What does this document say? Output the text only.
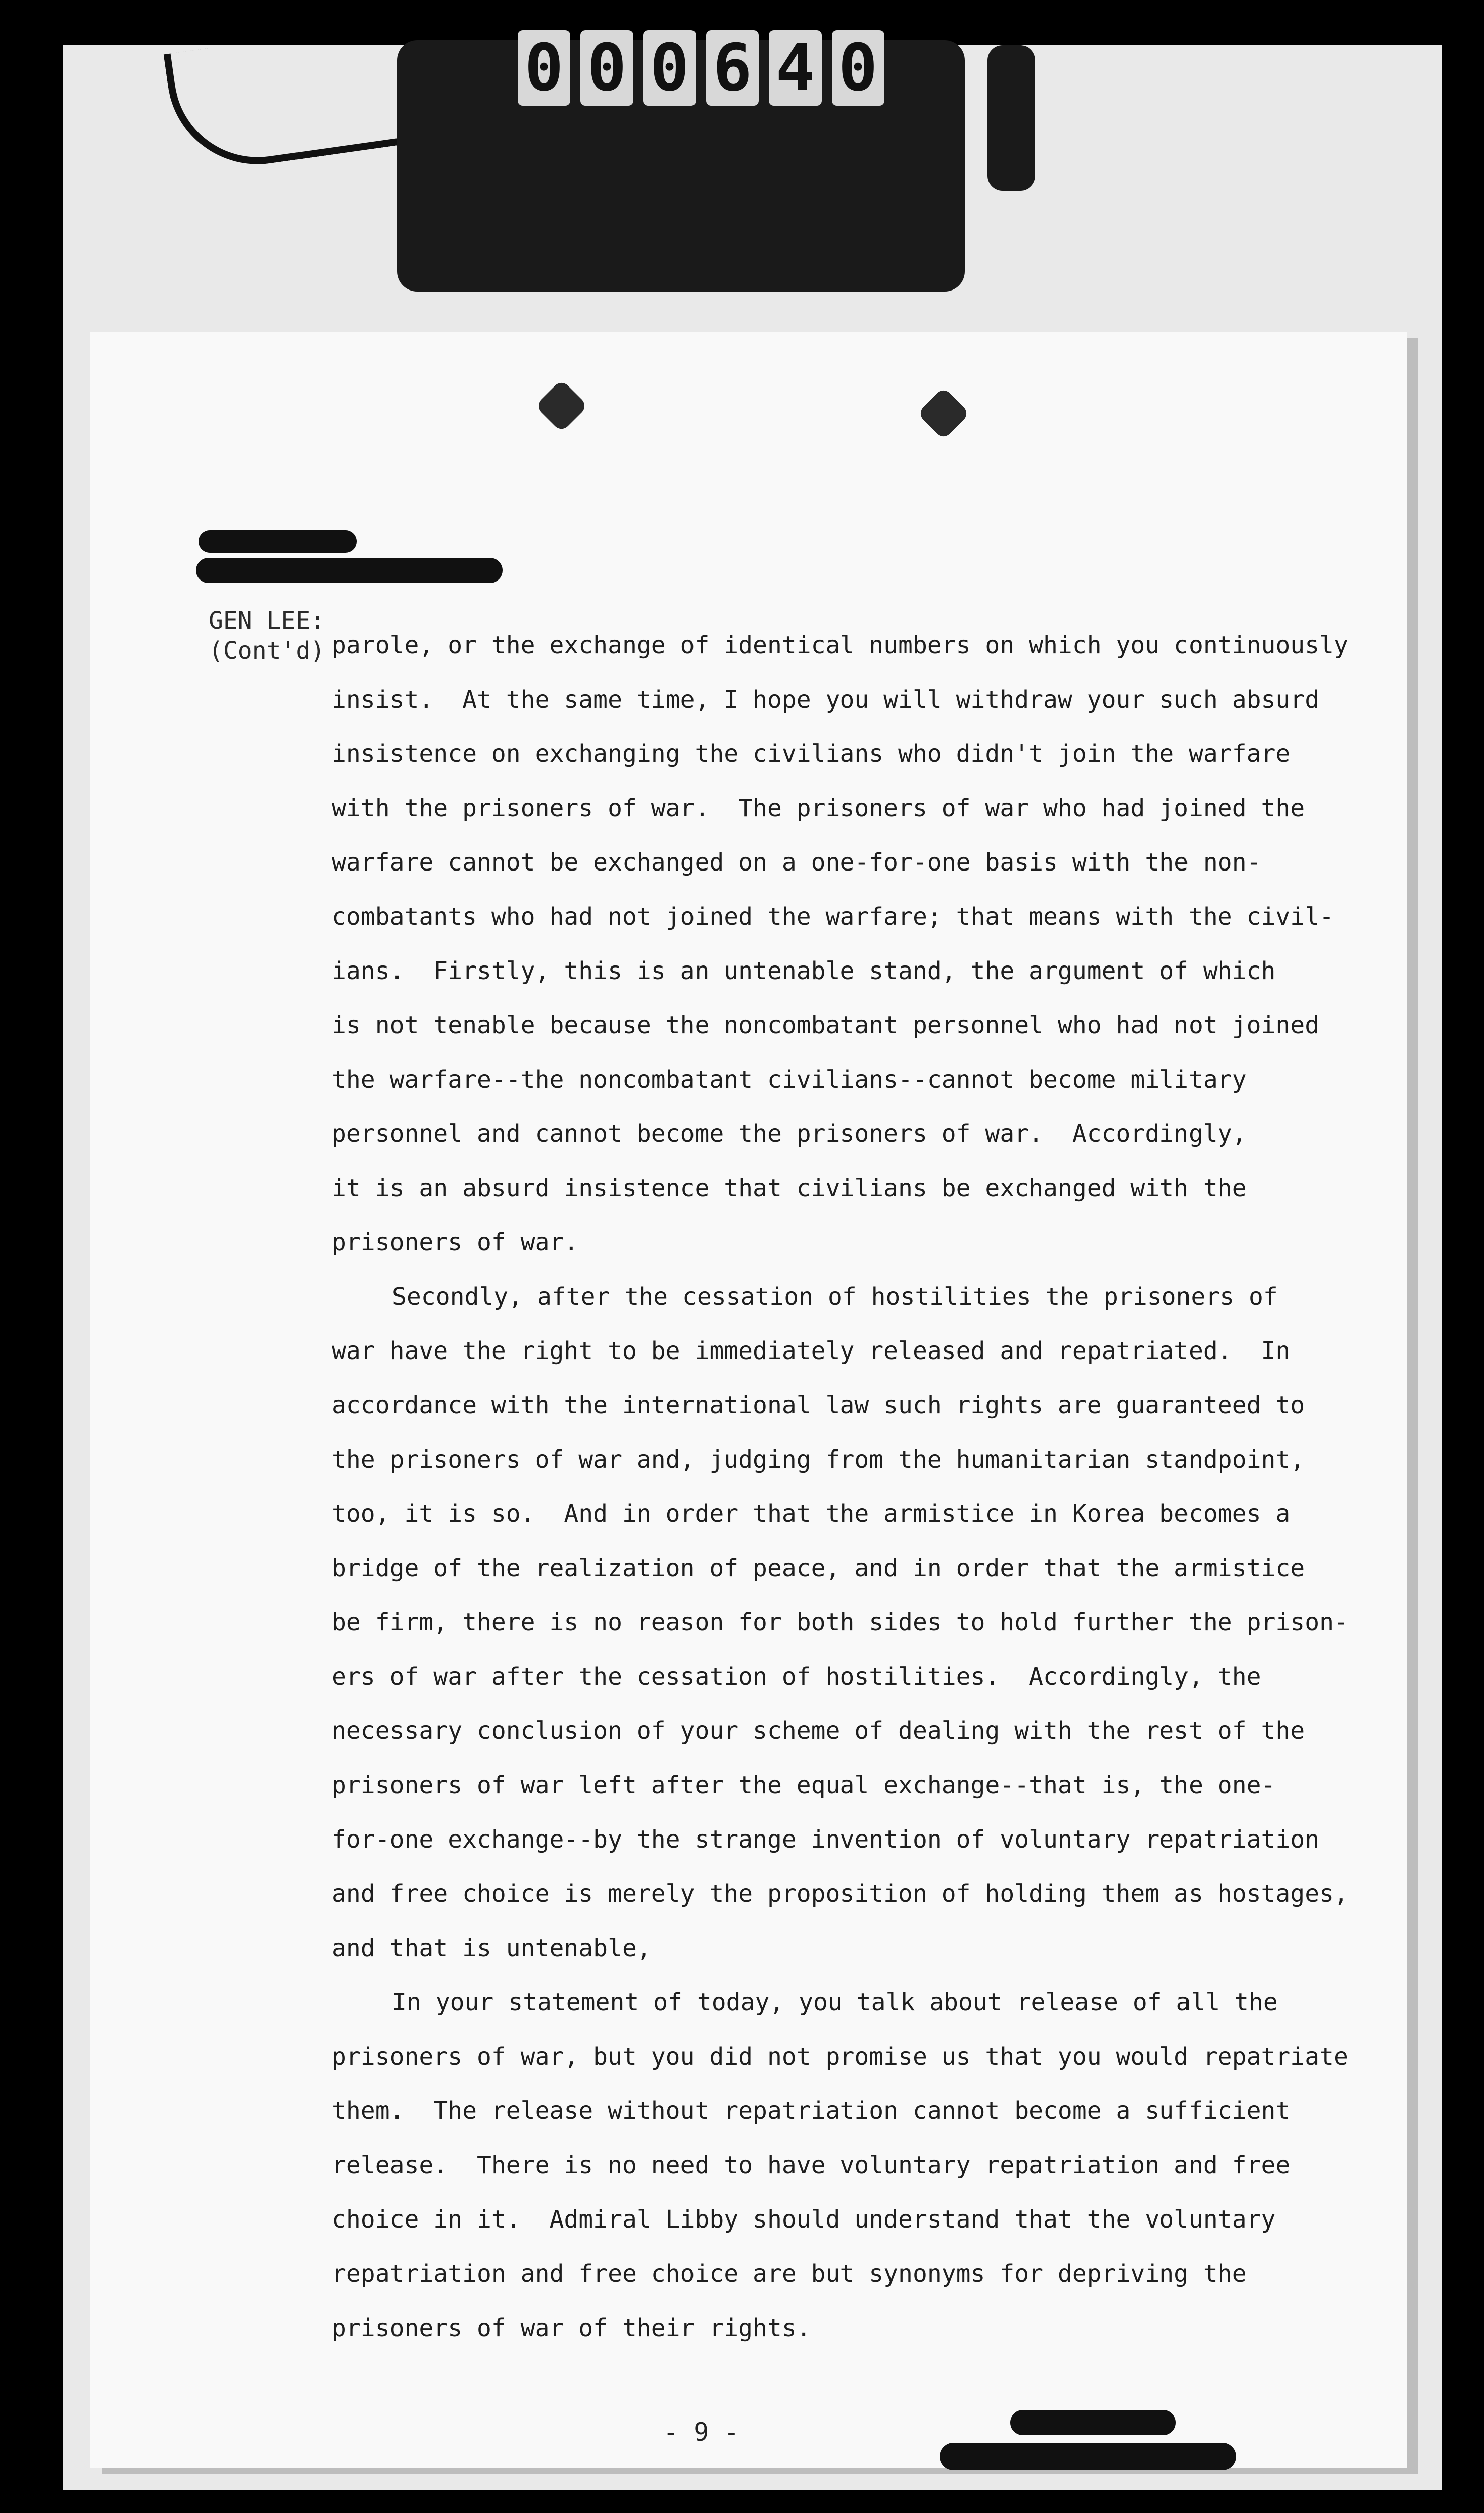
0 0 0 6 4 0
GEN LEE:
(Cont'd) parole, or the exchange of identical numbers on which you continuously
insist.  At the same time, I hope you will withdraw your such absurd
insistence on exchanging the civilians who didn't join the warfare
with the prisoners of war.  The prisoners of war who had joined the
warfare cannot be exchanged on a one-for-one basis with the non-
combatants who had not joined the warfare; that means with the civil-
ians.  Firstly, this is an untenable stand, the argument of which
is not tenable because the noncombatant personnel who had not joined
the warfare--the noncombatant civilians--cannot become military
personnel and cannot become the prisoners of war.  Accordingly,
it is an absurd insistence that civilians be exchanged with the
prisoners of war.
Secondly, after the cessation of hostilities the prisoners of
war have the right to be immediately released and repatriated.  In
accordance with the international law such rights are guaranteed to
the prisoners of war and, judging from the humanitarian standpoint,
too, it is so.  And in order that the armistice in Korea becomes a
bridge of the realization of peace, and in order that the armistice
be firm, there is no reason for both sides to hold further the prison-
ers of war after the cessation of hostilities.  Accordingly, the
necessary conclusion of your scheme of dealing with the rest of the
prisoners of war left after the equal exchange--that is, the one-
for-one exchange--by the strange invention of voluntary repatriation
and free choice is merely the proposition of holding them as hostages,
and that is untenable,
In your statement of today, you talk about release of all the
prisoners of war, but you did not promise us that you would repatriate
them.  The release without repatriation cannot become a sufficient
release.  There is no need to have voluntary repatriation and free
choice in it.  Admiral Libby should understand that the voluntary
repatriation and free choice are but synonyms for depriving the
prisoners of war of their rights.
- 9 -
